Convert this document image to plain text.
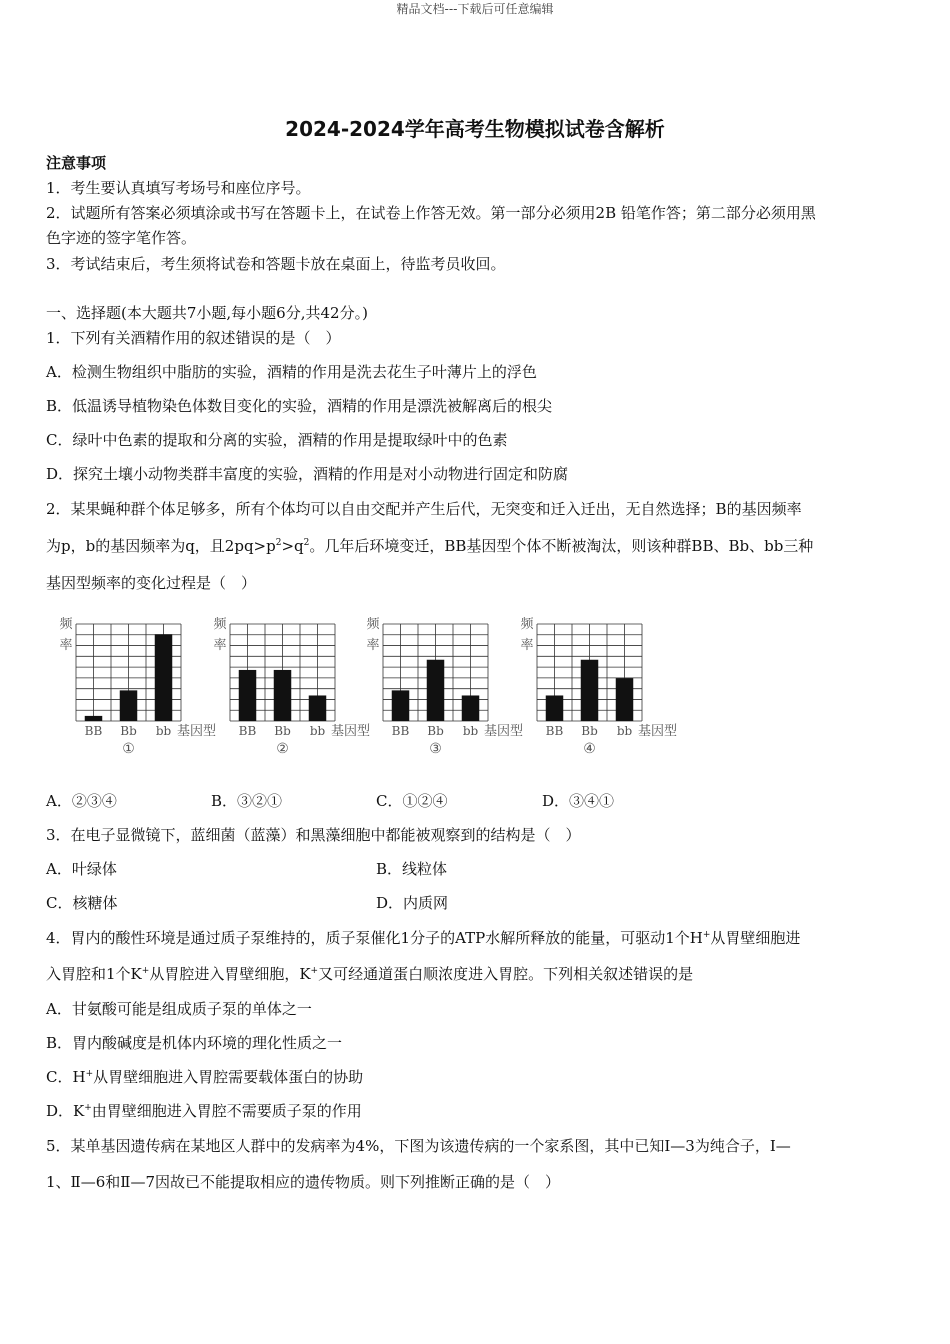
精品文档---下载后可任意编辑
2024-2024学年高考生物模拟试卷含解析
注意事项
1．考生要认真填写考场号和座位序号。
2．试题所有答案必须填涂或书写在答题卡上，在试卷上作答无效。第一部分必须用2B 铅笔作答；第二部分必须用黑
色字迹的签字笔作答。
3．考试结束后，考生须将试卷和答题卡放在桌面上，待监考员收回。
一、选择题(本大题共7小题,每小题6分,共42分。)
1．下列有关酒精作用的叙述错误的是（　）
A．检测生物组织中脂肪的实验，酒精的作用是洗去花生子叶薄片上的浮色
B．低温诱导植物染色体数目变化的实验，酒精的作用是漂洗被解离后的根尖
C．绿叶中色素的提取和分离的实验，酒精的作用是提取绿叶中的色素
D．探究土壤小动物类群丰富度的实验，酒精的作用是对小动物进行固定和防腐
2．某果蝇种群个体足够多，所有个体均可以自由交配并产生后代，无突变和迁入迁出，无自然选择；B的基因频率
为p，b的基因频率为q，且$2pq>p^2>q^2$。几年后环境变迁，BB基因型个体不断被淘汰，则该种群BB、Bb、bb三种
基因型频率的变化过程是（　）
频
率
BB Bb bb 基因型
①
频
率
BB Bb bb 基因型
②
频
率
BB Bb bb 基因型
③
频
率
BB Bb bb 基因型
④
A．②③④	B．③②①	C．①②④	D．③④①
3．在电子显微镜下，蓝细菌（蓝藻）和黑藻细胞中都能被观察到的结构是（　）
A．叶绿体	B．线粒体
C．核糖体	D．内质网
4．胃内的酸性环境是通过质子泵维持的，质子泵催化1分子的ATP水解所释放的能量，可驱动1个H+从胃壁细胞进
入胃腔和1个K+从胃腔进入胃壁细胞，K+又可经通道蛋白顺浓度进入胃腔。下列相关叙述错误的是
A．甘氨酸可能是组成质子泵的单体之一
B．胃内酸碱度是机体内环境的理化性质之一
C．H+从胃壁细胞进入胃腔需要载体蛋白的协助
D．K+由胃壁细胞进入胃腔不需要质子泵的作用
5．某单基因遗传病在某地区人群中的发病率为4%，下图为该遗传病的一个家系图，其中已知Ⅰ—3为纯合子，Ⅰ—
1、Ⅱ—6和Ⅱ—7因故已不能提取相应的遗传物质。则下列推断正确的是（　）
